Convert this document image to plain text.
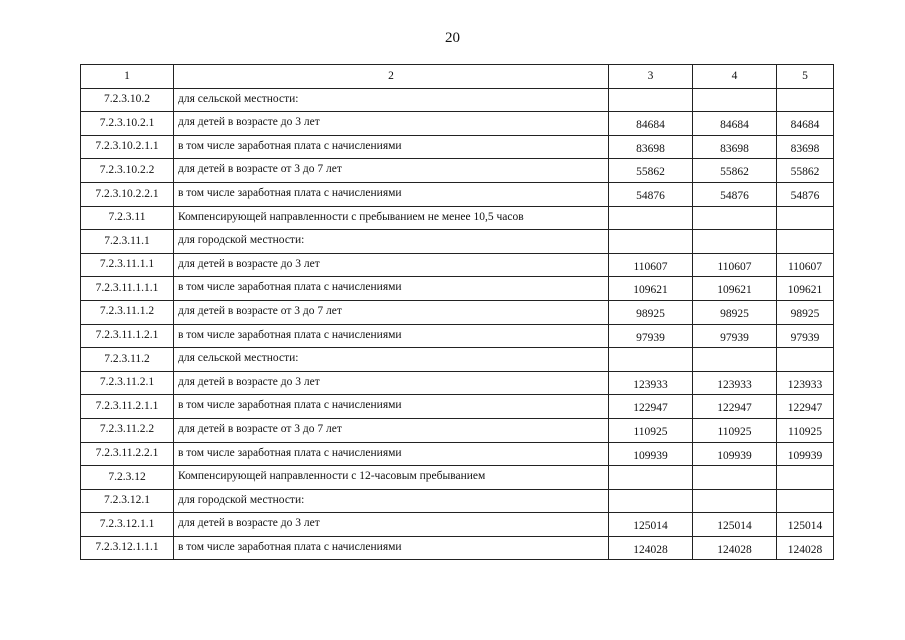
20
1	2	3	4	5
7.2.3.10.2	для сельской местности:			
7.2.3.10.2.1	для детей в возрасте до 3 лет	84684	84684	84684
7.2.3.10.2.1.1	в том числе заработная плата с начислениями	83698	83698	83698
7.2.3.10.2.2	для детей в возрасте от 3 до 7 лет	55862	55862	55862
7.2.3.10.2.2.1	в том числе заработная плата с начислениями	54876	54876	54876
7.2.3.11	Компенсирующей направленности с пребыванием не менее 10,5 часов			
7.2.3.11.1	для городской местности:			
7.2.3.11.1.1	для детей в возрасте до 3 лет	110607	110607	110607
7.2.3.11.1.1.1	в том числе заработная плата с начислениями	109621	109621	109621
7.2.3.11.1.2	для детей в возрасте от 3 до 7 лет	98925	98925	98925
7.2.3.11.1.2.1	в том числе заработная плата с начислениями	97939	97939	97939
7.2.3.11.2	для сельской местности:			
7.2.3.11.2.1	для детей в возрасте до 3 лет	123933	123933	123933
7.2.3.11.2.1.1	в том числе заработная плата с начислениями	122947	122947	122947
7.2.3.11.2.2	для детей в возрасте от 3 до 7 лет	110925	110925	110925
7.2.3.11.2.2.1	в том числе заработная плата с начислениями	109939	109939	109939
7.2.3.12	Компенсирующей направленности с 12-часовым пребыванием			
7.2.3.12.1	для городской местности:			
7.2.3.12.1.1	для детей в возрасте до 3 лет	125014	125014	125014
7.2.3.12.1.1.1	в том числе заработная плата с начислениями	124028	124028	124028
